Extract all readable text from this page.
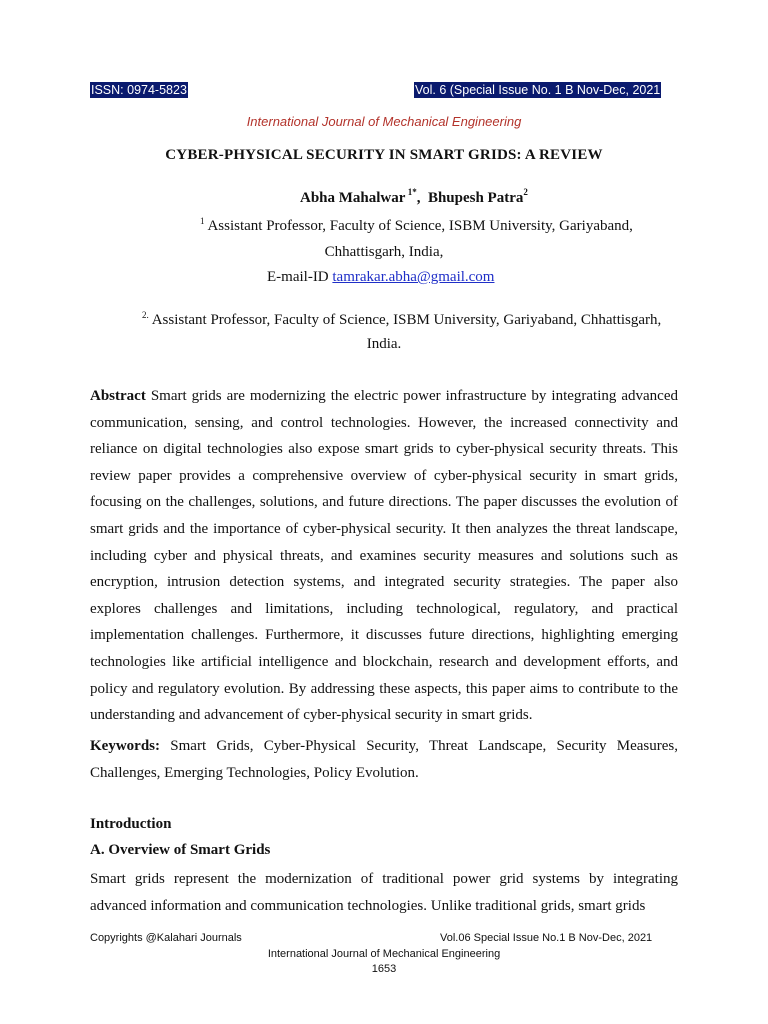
ISSN: 0974-5823	Vol. 6 (Special Issue No. 1 B Nov-Dec, 2021
International Journal of Mechanical Engineering
CYBER-PHYSICAL SECURITY IN SMART GRIDS: A REVIEW
Abha Mahalwar $^{1*}$,  Bhupesh Patra$^2$
$^1$ Assistant Professor, Faculty of Science, ISBM University, Gariyaband,
Chhattisgarh, India,
E-mail-ID tamrakar.abha@gmail.com
$^{2.}$ Assistant Professor, Faculty of Science, ISBM University, Gariyaband, Chhattisgarh,
India.
Abstract Smart grids are modernizing the electric power infrastructure by integrating advanced communication, sensing, and control technologies. However, the increased connectivity and reliance on digital technologies also expose smart grids to cyber-physical security threats. This review paper provides a comprehensive overview of cyber-physical security in smart grids, focusing on the challenges, solutions, and future directions. The paper discusses the evolution of smart grids and the importance of cyber-physical security. It then analyzes the threat landscape, including cyber and physical threats, and examines security measures and solutions such as encryption, intrusion detection systems, and integrated security strategies. The paper also explores challenges and limitations, including technological, regulatory, and practical implementation challenges. Furthermore, it discusses future directions, highlighting emerging technologies like artificial intelligence and blockchain, research and development efforts, and policy and regulatory evolution. By addressing these aspects, this paper aims to contribute to the understanding and advancement of cyber-physical security in smart grids.
Keywords: Smart Grids, Cyber-Physical Security, Threat Landscape, Security Measures, Challenges, Emerging Technologies, Policy Evolution.
Introduction
A. Overview of Smart Grids
Smart grids represent the modernization of traditional power grid systems by integrating advanced information and communication technologies. Unlike traditional grids, smart grids
Copyrights @Kalahari Journals	Vol.06 Special Issue No.1 B Nov-Dec, 2021
International Journal of Mechanical Engineering
1653
